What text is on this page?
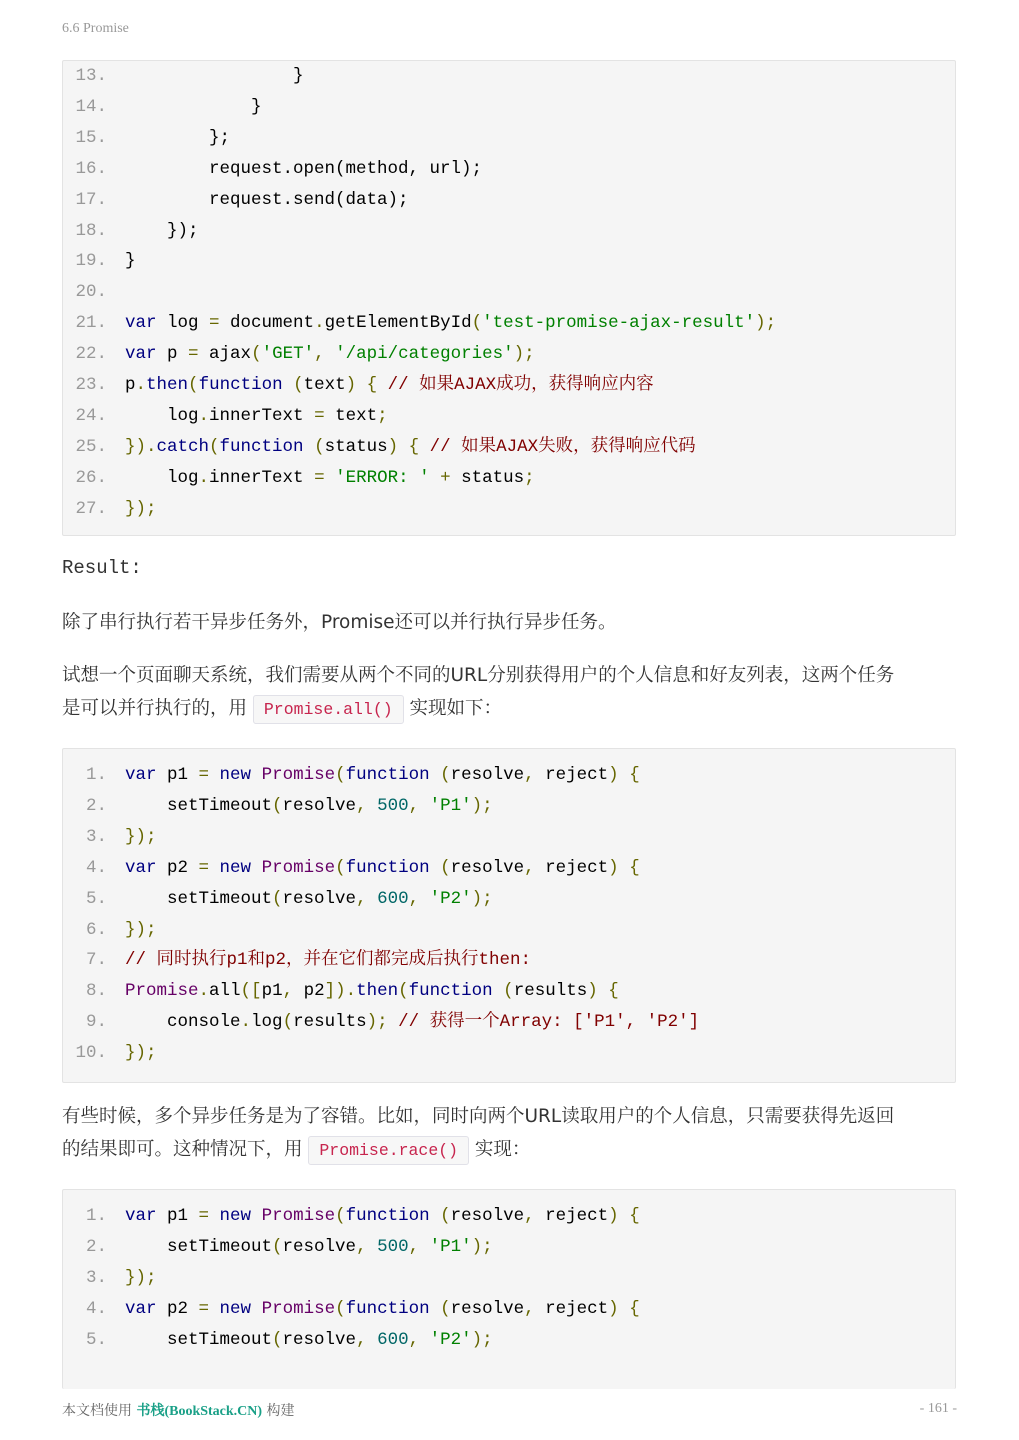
6.6 Promise
13.                }
14.            }
15.        };
16.        request.open(method, url);
17.        request.send(data);
18.    });
19. }
20.
21. var log = document.getElementById('test-promise-ajax-result');
22. var p = ajax('GET', '/api/categories');
23. p.then(function (text) { // 如果AJAX成功，获得响应内容
24.    log.innerText = text;
25. }).catch(function (status) { // 如果AJAX失败，获得响应代码
26.    log.innerText = 'ERROR: ' + status;
27. });
Result:
除了串行执行若干异步任务外，Promise还可以并行执行异步任务。
试想一个页面聊天系统，我们需要从两个不同的URL分别获得用户的个人信息和好友列表，这两个任务
是可以并行执行的，用 Promise.all() 实现如下：
1. var p1 = new Promise(function (resolve, reject) {
2.    setTimeout(resolve, 500, 'P1');
3. });
4. var p2 = new Promise(function (resolve, reject) {
5.    setTimeout(resolve, 600, 'P2');
6. });
7. // 同时执行p1和p2，并在它们都完成后执行then:
8. Promise.all([p1, p2]).then(function (results) {
9.    console.log(results); // 获得一个Array: ['P1', 'P2']
10. });
有些时候，多个异步任务是为了容错。比如，同时向两个URL读取用户的个人信息，只需要获得先返回
的结果即可。这种情况下，用 Promise.race() 实现：
1. var p1 = new Promise(function (resolve, reject) {
2.    setTimeout(resolve, 500, 'P1');
3. });
4. var p2 = new Promise(function (resolve, reject) {
5.    setTimeout(resolve, 600, 'P2');
本文档使用 书栈(BookStack.CN) 构建	- 161 -
